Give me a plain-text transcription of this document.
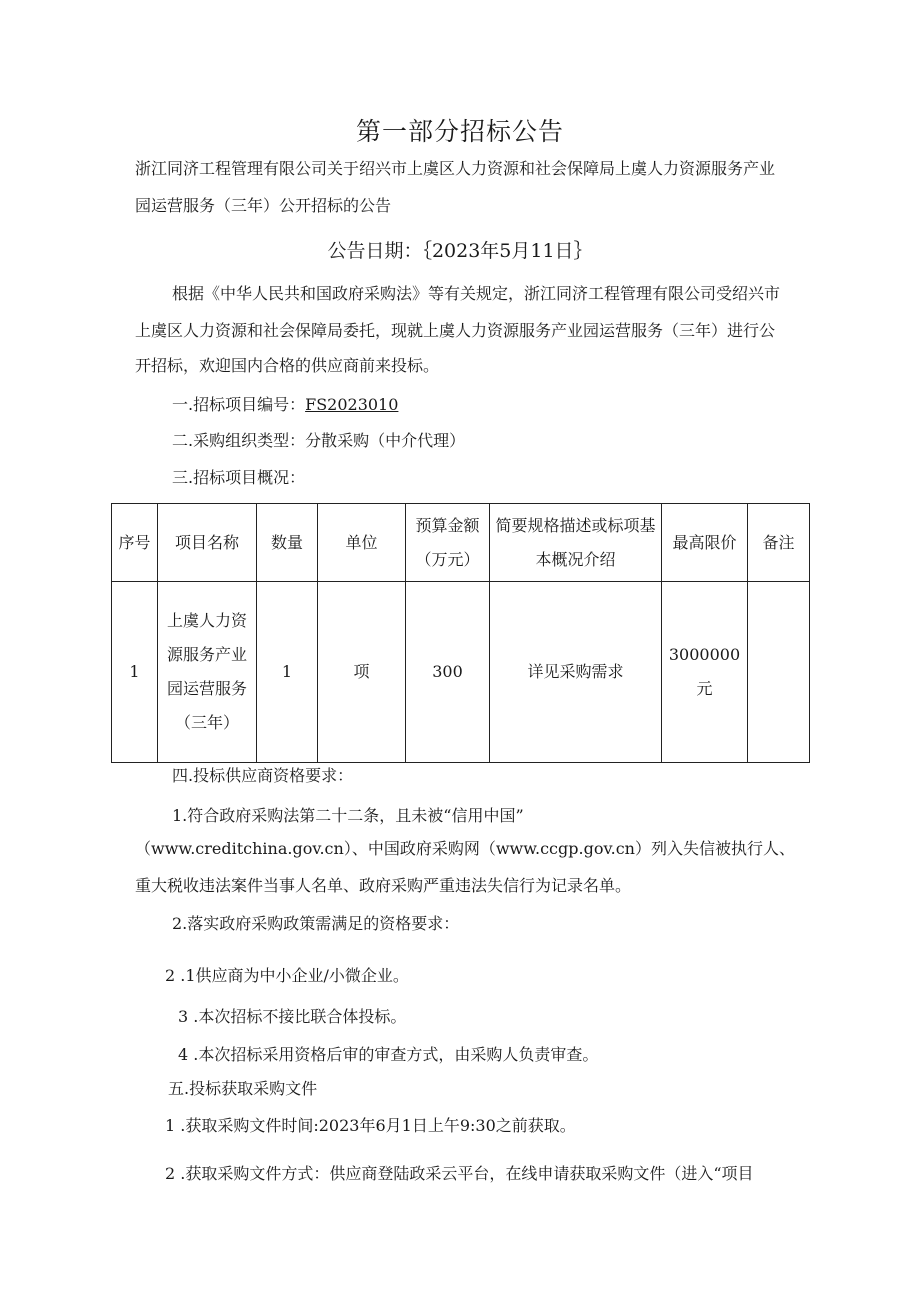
第一部分招标公告
浙江同济工程管理有限公司关于绍兴市上虞区人力资源和社会保障局上虞人力资源服务产业
园运营服务（三年）公开招标的公告
公告日期：｛2023年5月11日｝
根据《中华人民共和国政府采购法》等有关规定，浙江同济工程管理有限公司受绍兴市
上虞区人力资源和社会保障局委托，现就上虞人力资源服务产业园运营服务（三年）进行公
开招标，欢迎国内合格的供应商前来投标。
一.招标项目编号：FS2023010
二.采购组织类型：分散采购（中介代理）
三.招标项目概况：
序号	项目名称	数量	单位	预算金额（万元）	简要规格描述或标项基本概况介绍	最高限价	备注
1	上虞人力资源服务产业园运营服务（三年）	1	项	300	详见采购需求	3000000元	
四.投标供应商资格要求：
1.符合政府采购法第二十二条，且未被“信用中国”
（www.creditchina.gov.cn）、中国政府采购网（www.ccgp.gov.cn）列入失信被执行人、
重大税收违法案件当事人名单、政府采购严重违法失信行为记录名单。
2.落实政府采购政策需满足的资格要求：
2 .1供应商为中小企业/小微企业。
3 .本次招标不接比联合体投标。
4 .本次招标采用资格后审的审查方式，由采购人负责审查。
五.投标获取采购文件
1 .获取采购文件时间:2023年6月1日上午9:30之前获取。
2 .获取采购文件方式：供应商登陆政采云平台，在线申请获取采购文件（进入“项目
